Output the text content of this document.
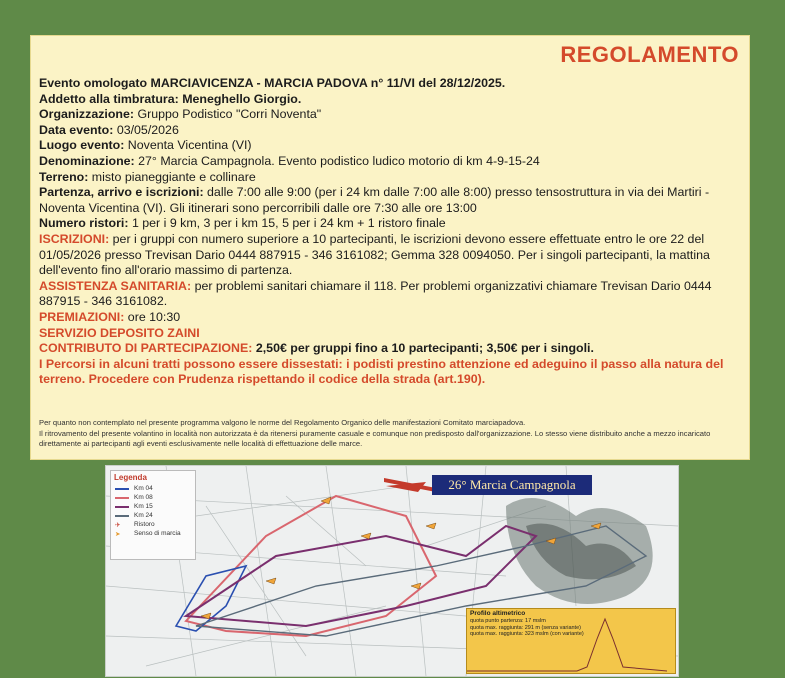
REGOLAMENTO
Evento omologato MARCIAVICENZA - MARCIA PADOVA n° 11/VI del 28/12/2025.
Addetto alla timbratura: Meneghello Giorgio.
Organizzazione: Gruppo Podistico "Corri Noventa"
Data evento: 03/05/2026
Luogo evento: Noventa Vicentina (VI)
Denominazione: 27° Marcia Campagnola. Evento podistico ludico motorio di km 4-9-15-24
Terreno: misto pianeggiante e collinare
Partenza, arrivo e iscrizioni: dalle 7:00 alle 9:00 (per i 24 km dalle 7:00 alle 8:00) presso tensostruttura in via dei Martiri - Noventa Vicentina (VI). Gli itinerari sono percorribili dalle ore 7:30 alle ore 13:00
Numero ristori: 1 per i 9 km, 3 per i km 15, 5 per i 24 km + 1 ristoro finale
ISCRIZIONI: per i gruppi con numero superiore a 10 partecipanti, le iscrizioni devono essere effettuate entro le ore 22 del 01/05/2026 presso Trevisan Dario 0444 887915 - 346 3161082; Gemma 328 0094050. Per i singoli partecipanti, la mattina dell'evento fino all'orario massimo di partenza.
ASSISTENZA SANITARIA: per problemi sanitari chiamare il 118. Per problemi organizzativi chiamare Trevisan Dario 0444 887915 - 346 3161082.
PREMIAZIONI: ore 10:30
SERVIZIO DEPOSITO ZAINI
CONTRIBUTO DI PARTECIPAZIONE: 2,50€ per gruppi fino a 10 partecipanti; 3,50€ per i singoli.
I Percorsi in alcuni tratti possono essere dissestati: i podisti prestino attenzione ed adeguino il passo alla natura del terreno. Procedere con Prudenza rispettando il codice della strada (art.190).
Per quanto non contemplato nel presente programma valgono le norme del Regolamento Organico delle manifestazioni Comitato marciapadova.
Il ritrovamento del presente volantino in località non autorizzata è da ritenersi puramente casuale e comunque non predisposto dall'organizzazione. Lo stesso viene distribuito anche a mezzo incaricato direttamente ai partecipanti agli eventi esclusivamente nelle località di effettuazione delle marce.
Legenda
Km 04
Km 08
Km 15
Km 24
✈	Ristoro
➤	Senso di marcia
26° Marcia Campagnola
Profilo altimetrico
quota punto partenza: 17 mslm
quota max. raggiunta: 291 m (senza variante)
quota max. raggiunta: 323 mslm (con variante)
